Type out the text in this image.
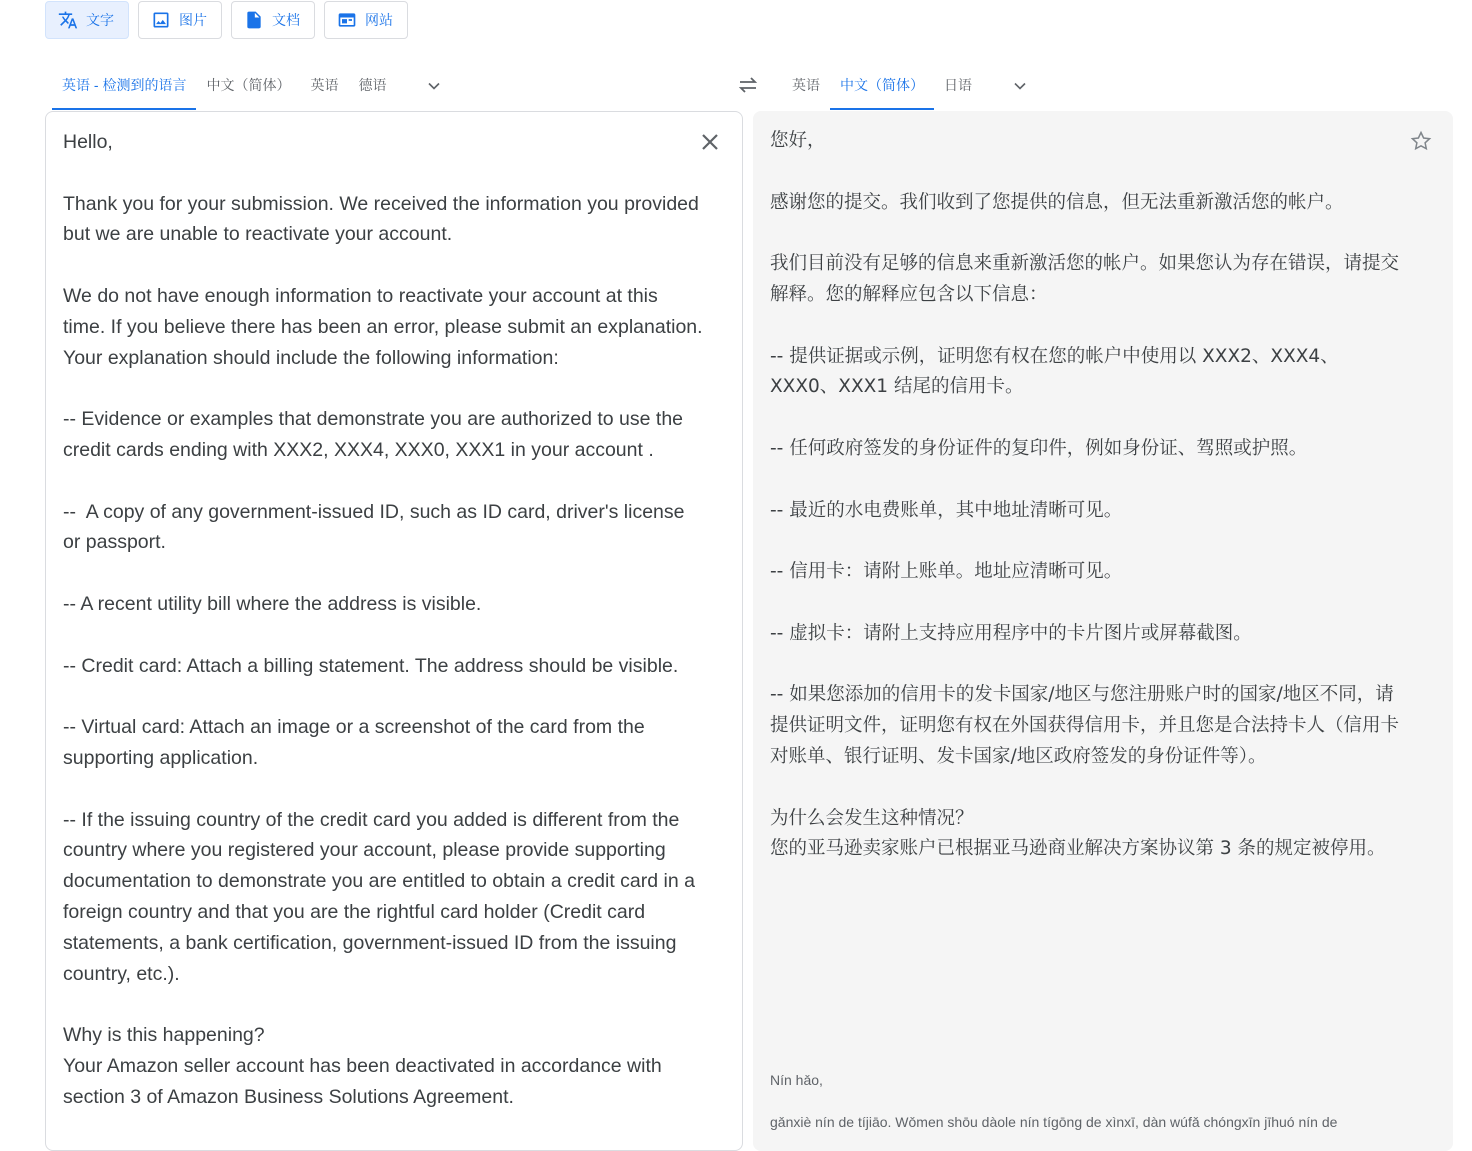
文字	图片	文档	网站
英语 - 检测到的语言	中文（简体）	英语	德语	英语	中文（简体）	日语
Hello,

Thank you for your submission. We received the information you provided but we are unable to reactivate your account.

We do not have enough information to reactivate your account at this time. If you believe there has been an error, please submit an explanation. Your explanation should include the following information:

-- Evidence or examples that demonstrate you are authorized to use the credit cards ending with XXX2, XXX4, XXX0, XXX1 in your account .

--  A copy of any government-issued ID, such as ID card, driver's license or passport.

-- A recent utility bill where the address is visible.

-- Credit card: Attach a billing statement. The address should be visible.

-- Virtual card: Attach an image or a screenshot of the card from the supporting application.

-- If the issuing country of the credit card you added is different from the country where you registered your account, please provide supporting documentation to demonstrate you are entitled to obtain a credit card in a foreign country and that you are the rightful card holder (Credit card statements, a bank certification, government-issued ID from the issuing country, etc.).

Why is this happening?
Your Amazon seller account has been deactivated in accordance with section 3 of Amazon Business Solutions Agreement.
您好，

感谢您的提交。我们收到了您提供的信息，但无法重新激活您的帐户。

我们目前没有足够的信息来重新激活您的帐户。如果您认为存在错误，请提交解释。您的解释应包含以下信息：

-- 提供证据或示例，证明您有权在您的帐户中使用以 XXX2、XXX4、XXX0、XXX1 结尾的信用卡。

-- 任何政府签发的身份证件的复印件，例如身份证、驾照或护照。

-- 最近的水电费账单，其中地址清晰可见。

-- 信用卡：请附上账单。地址应清晰可见。

-- 虚拟卡：请附上支持应用程序中的卡片图片或屏幕截图。

-- 如果您添加的信用卡的发卡国家/地区与您注册账户时的国家/地区不同，请提供证明文件，证明您有权在外国获得信用卡，并且您是合法持卡人（信用卡对账单、银行证明、发卡国家/地区政府签发的身份证件等）。

为什么会发生这种情况？
您的亚马逊卖家账户已根据亚马逊商业解决方案协议第 3 条的规定被停用。
Nín hǎo,

gǎnxiè nín de tíjiāo. Wǒmen shōu dàole nín tígōng de xìnxī, dàn wúfǎ chóngxīn jīhuó nín de
